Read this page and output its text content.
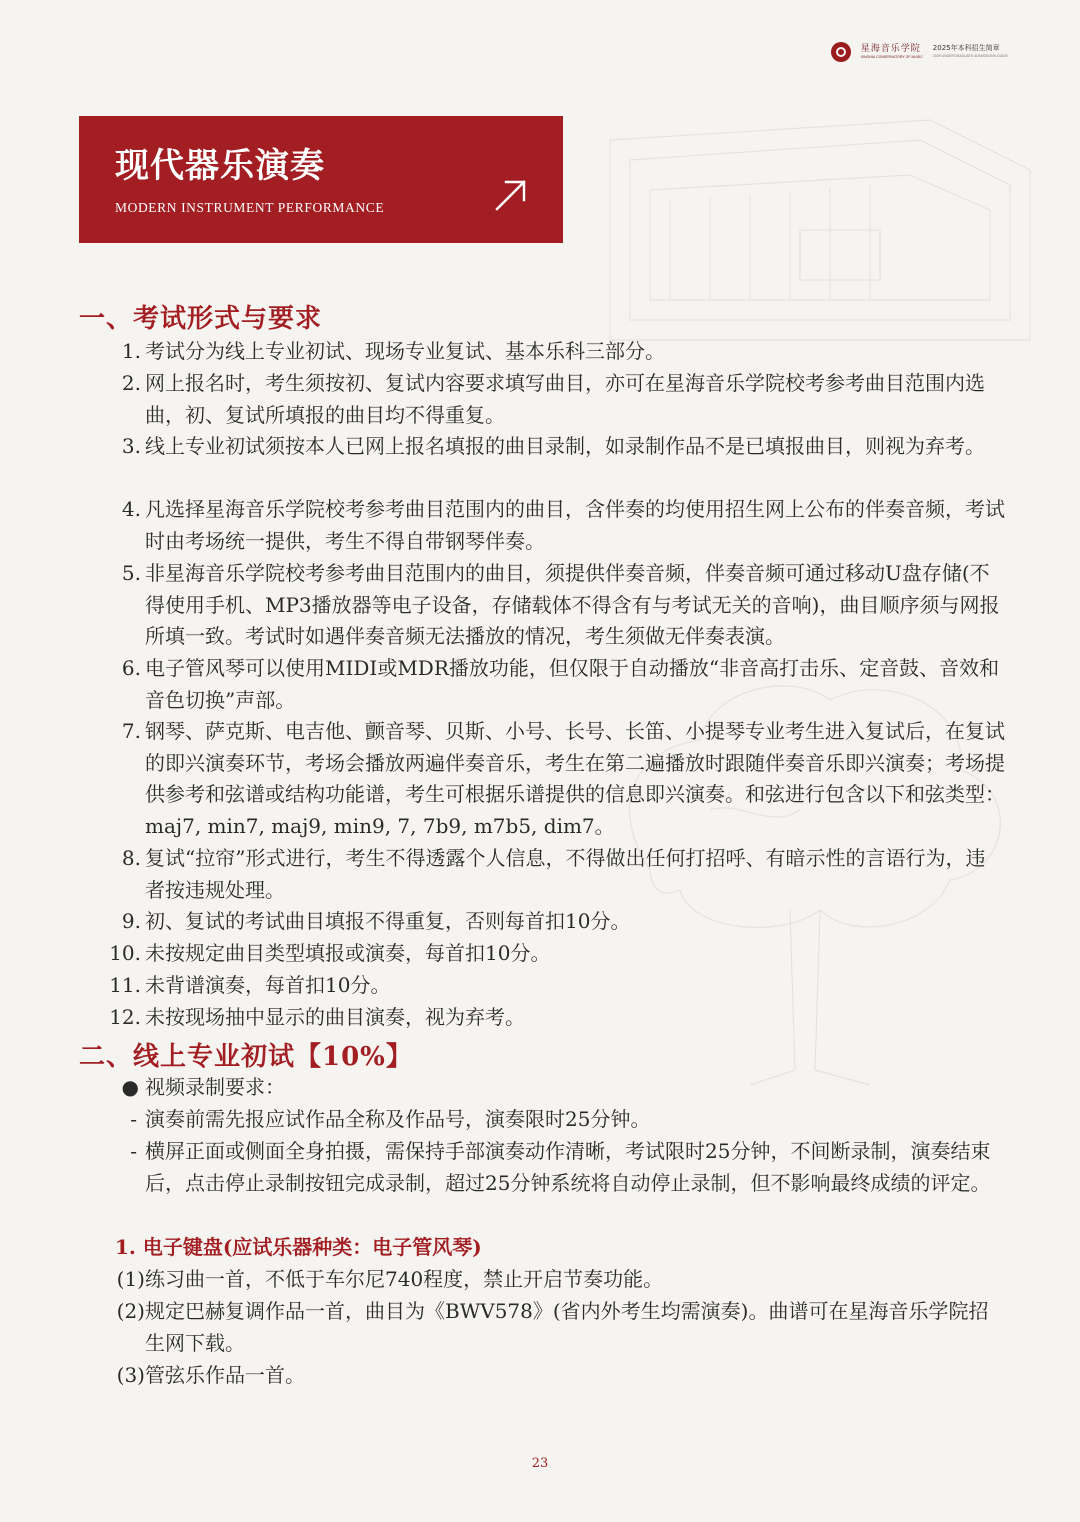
星海音乐学院
XINGHAI CONSERVATORY OF MUSIC
2025年本科招生简章
2025 UNDERGRADUATE ADMISSIONS GUIDE
现代器乐演奏
MODERN INSTRUMENT PERFORMANCE
一、考试形式与要求
1. 考试分为线上专业初试、现场专业复试、基本乐科三部分。
2. 网上报名时，考生须按初、复试内容要求填写曲目，亦可在星海音乐学院校考参考曲目范围内选曲，初、复试所填报的曲目均不得重复。
3. 线上专业初试须按本人已网上报名填报的曲目录制，如录制作品不是已填报曲目，则视为弃考。
4. 凡选择星海音乐学院校考参考曲目范围内的曲目，含伴奏的均使用招生网上公布的伴奏音频，考试时由考场统一提供，考生不得自带钢琴伴奏。
5. 非星海音乐学院校考参考曲目范围内的曲目，须提供伴奏音频，伴奏音频可通过移动U盘存储(不得使用手机、MP3播放器等电子设备，存储载体不得含有与考试无关的音响)，曲目顺序须与网报所填一致。考试时如遇伴奏音频无法播放的情况，考生须做无伴奏表演。
6. 电子管风琴可以使用MIDI或MDR播放功能，但仅限于自动播放“非音高打击乐、定音鼓、音效和音色切换”声部。
7. 钢琴、萨克斯、电吉他、颤音琴、贝斯、小号、长号、长笛、小提琴专业考生进入复试后，在复试的即兴演奏环节，考场会播放两遍伴奏音乐，考生在第二遍播放时跟随伴奏音乐即兴演奏；考场提供参考和弦谱或结构功能谱，考生可根据乐谱提供的信息即兴演奏。和弦进行包含以下和弦类型：maj7, min7, maj9, min9, 7, 7b9, m7b5, dim7。
8. 复试“拉帘”形式进行，考生不得透露个人信息，不得做出任何打招呼、有暗示性的言语行为，违者按违规处理。
9. 初、复试的考试曲目填报不得重复，否则每首扣10分。
10. 未按规定曲目类型填报或演奏，每首扣10分。
11. 未背谱演奏，每首扣10分。
12. 未按现场抽中显示的曲目演奏，视为弃考。
二、线上专业初试【10%】
● 视频录制要求：
- 演奏前需先报应试作品全称及作品号，演奏限时25分钟。
- 横屏正面或侧面全身拍摄，需保持手部演奏动作清晰，考试限时25分钟，不间断录制，演奏结束后，点击停止录制按钮完成录制，超过25分钟系统将自动停止录制，但不影响最终成绩的评定。
1. 电子键盘(应试乐器种类：电子管风琴)
(1) 练习曲一首，不低于车尔尼740程度，禁止开启节奏功能。
(2) 规定巴赫复调作品一首，曲目为《BWV578》(省内外考生均需演奏)。曲谱可在星海音乐学院招生网下载。
(3) 管弦乐作品一首。
23
